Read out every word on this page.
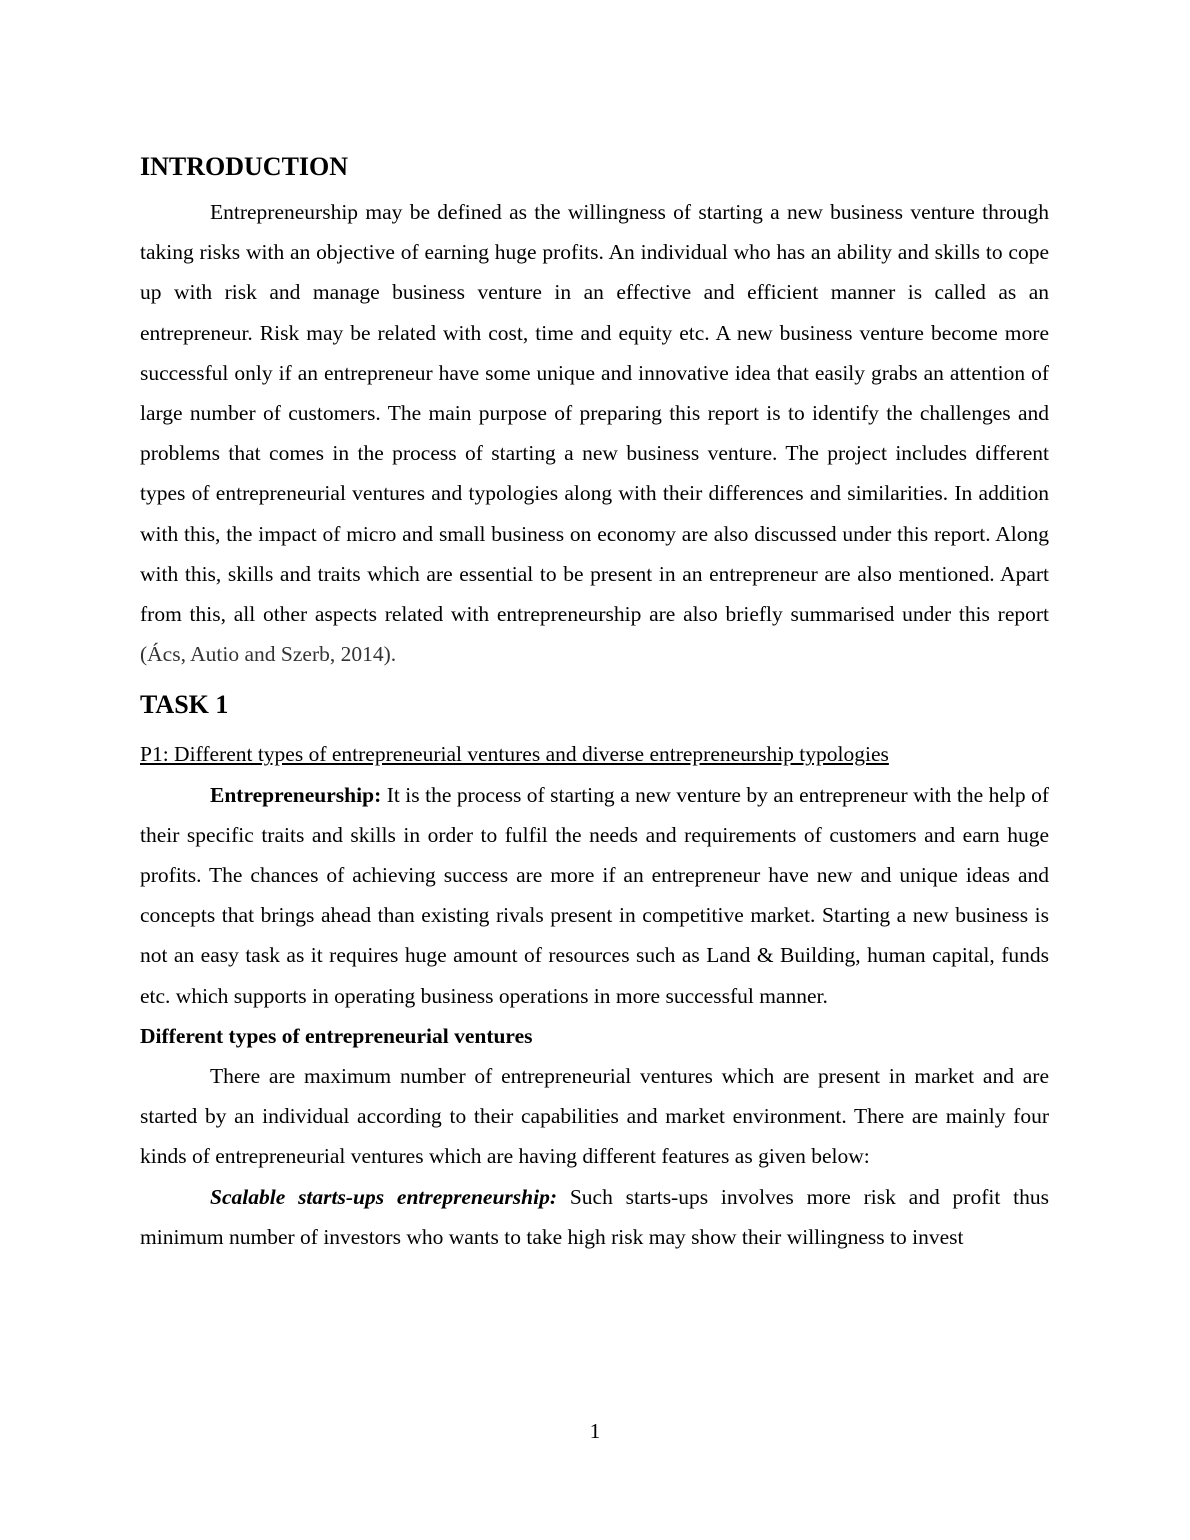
INTRODUCTION

Entrepreneurship may be defined as the willingness of starting a new business venture through taking risks with an objective of earning huge profits. An individual who has an ability and skills to cope up with risk and manage business venture in an effective and efficient manner is called as an entrepreneur. Risk may be related with cost, time and equity etc. A new business venture become more successful only if an entrepreneur have some unique and innovative idea that easily grabs an attention of large number of customers. The main purpose of preparing this report is to identify the challenges and problems that comes in the process of starting a new business venture. The project includes different types of entrepreneurial ventures and typologies along with their differences and similarities. In addition with this, the impact of micro and small business on economy are also discussed under this report. Along with this, skills and traits which are essential to be present in an entrepreneur are also mentioned. Apart from this, all other aspects related with entrepreneurship are also briefly summarised under this report (Ács, Autio and Szerb, 2014).

TASK 1

P1: Different types of entrepreneurial ventures and diverse entrepreneurship typologies

Entrepreneurship: It is the process of starting a new venture by an entrepreneur with the help of their specific traits and skills in order to fulfil the needs and requirements of customers and earn huge profits. The chances of achieving success are more if an entrepreneur have new and unique ideas and concepts that brings ahead than existing rivals present in competitive market. Starting a new business is not an easy task as it requires huge amount of resources such as Land & Building, human capital, funds etc. which supports in operating business operations in more successful manner.

Different types of entrepreneurial ventures

There are maximum number of entrepreneurial ventures which are present in market and are started by an individual according to their capabilities and market environment. There are mainly four kinds of entrepreneurial ventures which are having different features as given below:

Scalable starts-ups entrepreneurship: Such starts-ups involves more risk and profit thus minimum number of investors who wants to take high risk may show their willingness to invest

1
